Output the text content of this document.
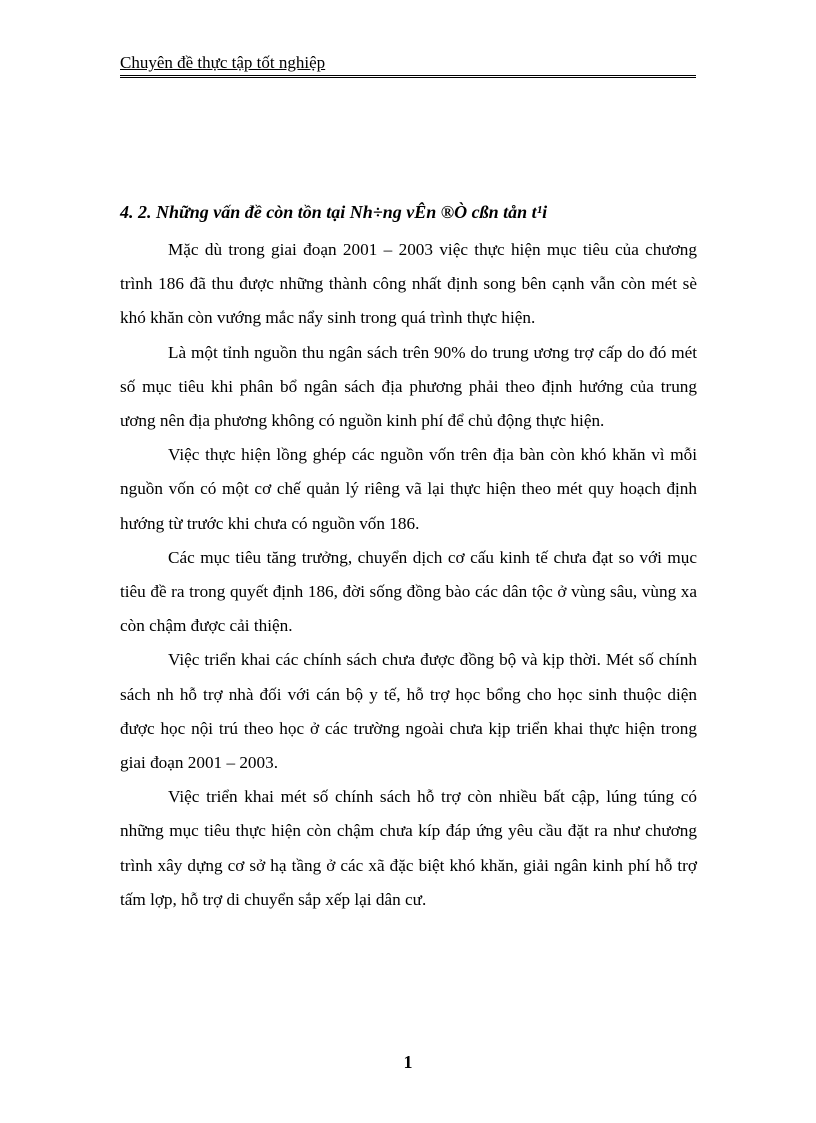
Chuyên đề thực tập tốt nghiệp
4. 2. Những vấn đề còn tồn tại Nh÷ng vÊn ®Ò cßn tån t¹i

Mặc dù trong giai đoạn 2001 – 2003 việc thực hiện mục tiêu của chương trình 186 đã thu được những thành công nhất định song bên cạnh vẫn còn mét sè khó khăn còn vướng mắc nẩy sinh trong quá trình thực hiện.

Là một tỉnh nguồn thu ngân sách trên 90% do trung ương trợ cấp do đó mét số mục tiêu khi phân bổ ngân sách địa phương phải theo định hướng của trung ương nên địa phương không có nguồn kinh phí để chủ động thực hiện.

Việc thực hiện lồng ghép các nguồn vốn trên địa bàn còn khó khăn vì mỗi nguồn vốn có một cơ chế quản lý riêng vã lại thực hiện theo mét quy hoạch định hướng từ trước khi chưa có nguồn vốn 186.

Các mục tiêu tăng trưởng, chuyển dịch cơ cấu kinh tế chưa đạt so với mục tiêu đề ra trong quyết định 186, đời sống đồng bào các dân tộc ở vùng sâu, vùng xa còn chậm được cải thiện.

Việc triển khai các chính sách chưa được đồng bộ và kịp thời. Mét số chính sách nh hỗ trợ nhà đối với cán bộ y tế, hỗ trợ học bổng cho học sinh thuộc diện được học nội trú theo học ở các trường ngoài chưa kịp triển khai thực hiện trong giai đoạn 2001 – 2003.

Việc triển khai mét số chính sách hỗ trợ còn nhiều bất cập, lúng túng có những mục tiêu thực hiện còn chậm chưa kíp đáp ứng yêu cầu đặt ra như chương trình xây dựng cơ sở hạ tầng ở các xã đặc biệt khó khăn, giải ngân kinh phí hỗ trợ tấm lợp, hỗ trợ di chuyển sắp xếp lại dân cư.

1
